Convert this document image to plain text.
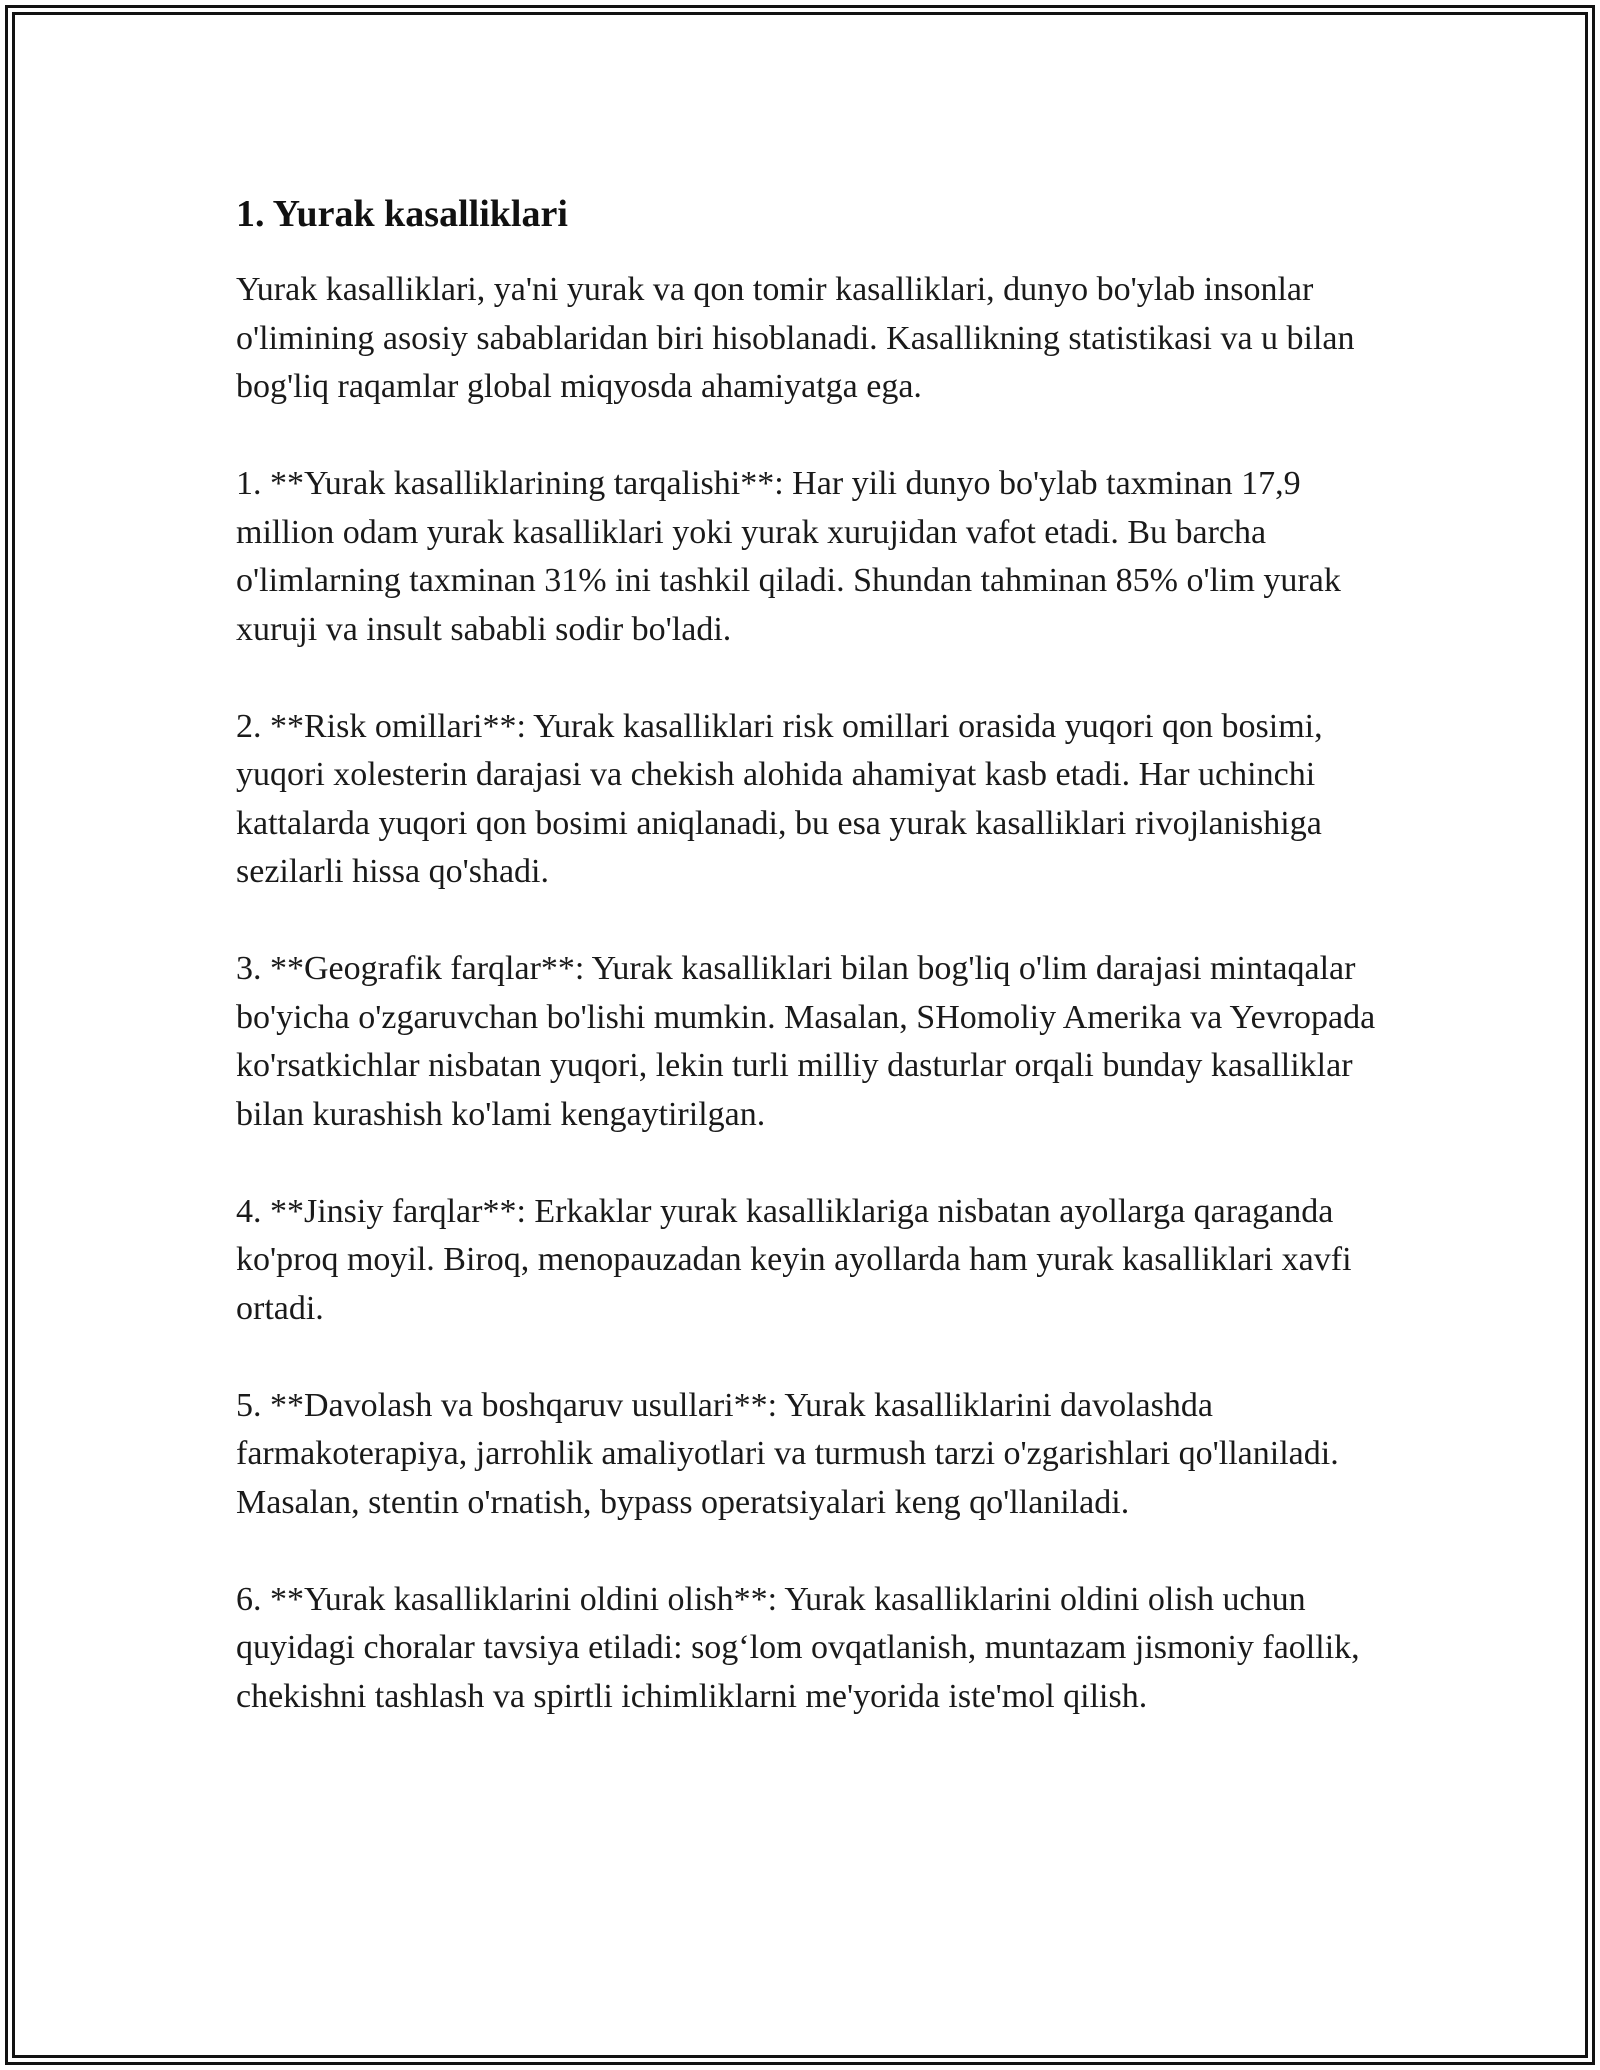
1. Yurak kasalliklari

Yurak kasalliklari, ya'ni yurak va qon tomir kasalliklari, dunyo bo'ylab insonlar o'limining asosiy sabablaridan biri hisoblanadi. Kasallikning statistikasi va u bilan bog'liq raqamlar global miqyosda ahamiyatga ega.

1. **Yurak kasalliklarining tarqalishi**: Har yili dunyo bo'ylab taxminan 17,9 million odam yurak kasalliklari yoki yurak xurujidan vafot etadi. Bu barcha o'limlarning taxminan 31% ini tashkil qiladi. Shundan tahminan 85% o'lim yurak xuruji va insult sababli sodir bo'ladi.

2. **Risk omillari**: Yurak kasalliklari risk omillari orasida yuqori qon bosimi, yuqori xolesterin darajasi va chekish alohida ahamiyat kasb etadi. Har uchinchi kattalarda yuqori qon bosimi aniqlanadi, bu esa yurak kasalliklari rivojlanishiga sezilarli hissa qo'shadi.

3. **Geografik farqlar**: Yurak kasalliklari bilan bog'liq o'lim darajasi mintaqalar bo'yicha o'zgaruvchan bo'lishi mumkin. Masalan, SHomoliy Amerika va Yevropada ko'rsatkichlar nisbatan yuqori, lekin turli milliy dasturlar orqali bunday kasalliklar bilan kurashish ko'lami kengaytirilgan.

4. **Jinsiy farqlar**: Erkaklar yurak kasalliklariga nisbatan ayollarga qaraganda ko'proq moyil. Biroq, menopauzadan keyin ayollarda ham yurak kasalliklari xavfi ortadi.

5. **Davolash va boshqaruv usullari**: Yurak kasalliklarini davolashda farmakoterapiya, jarrohlik amaliyotlari va turmush tarzi o'zgarishlari qo'llaniladi. Masalan, stentin o'rnatish, bypass operatsiyalari keng qo'llaniladi.

6. **Yurak kasalliklarini oldini olish**: Yurak kasalliklarini oldini olish uchun quyidagi choralar tavsiya etiladi: sog‘lom ovqatlanish, muntazam jismoniy faollik, chekishni tashlash va spirtli ichimliklarni me'yorida iste'mol qilish.
